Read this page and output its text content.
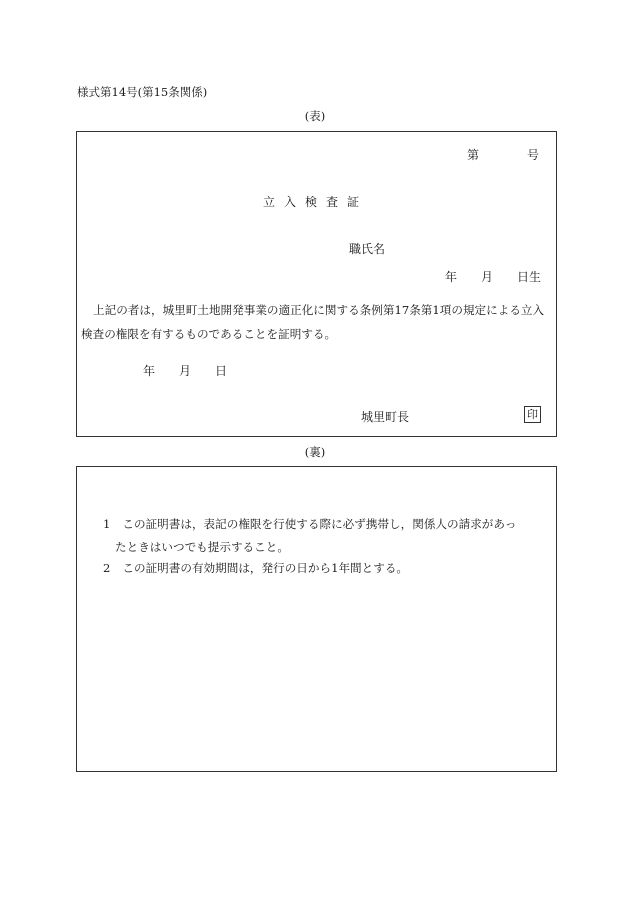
様式第14号(第15条関係)
(表)
第	号
立入検査証
職氏名
年 月 日生
上記の者は，城里町土地開発事業の適正化に関する条例第17条第1項の規定による立入検査の権限を有するものであることを証明する。
年 月 日
城里町長	印
(裏)
1 この証明書は，表記の権限を行使する際に必ず携帯し，関係人の請求があっ
たときはいつでも提示すること。
2 この証明書の有効期間は，発行の日から1年間とする。
